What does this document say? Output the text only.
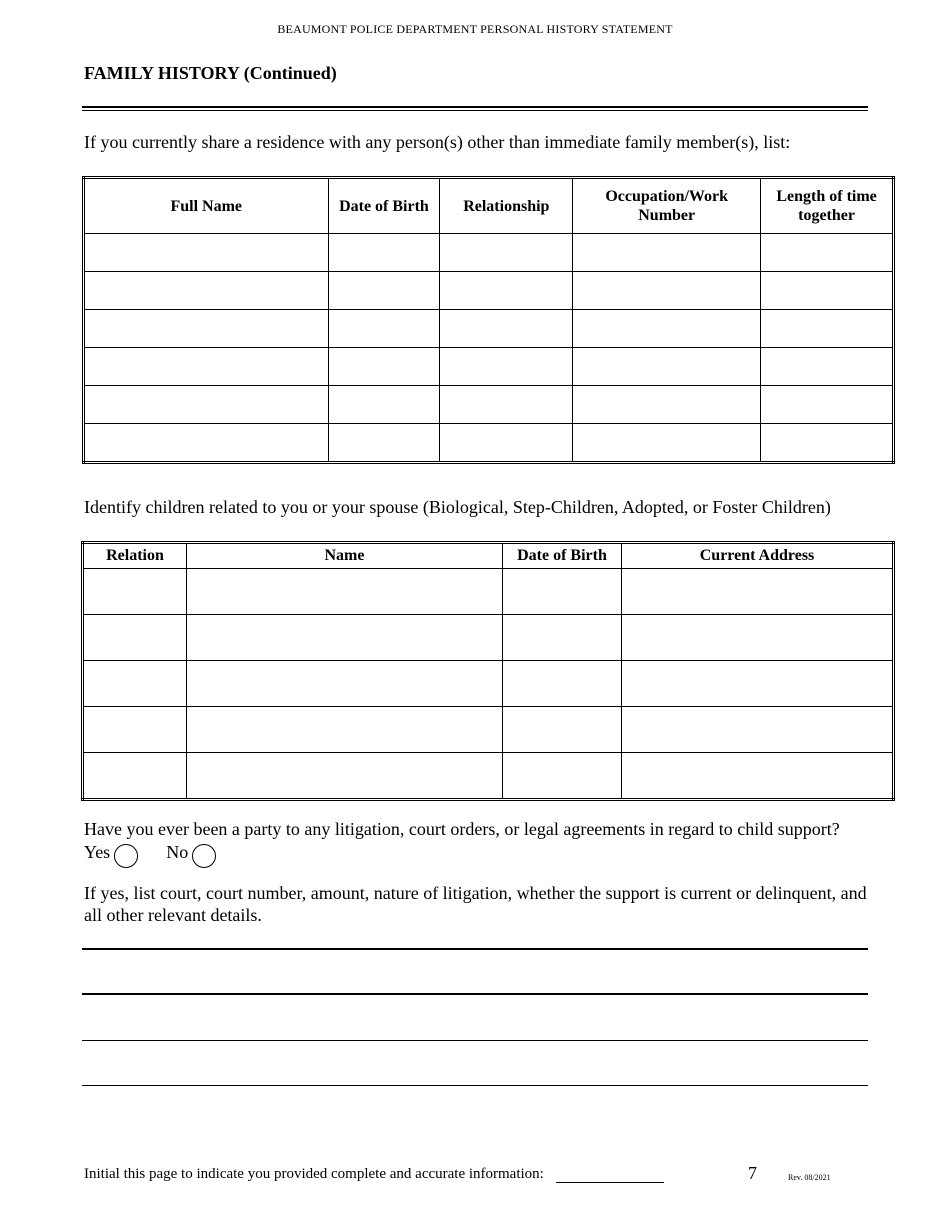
BEAUMONT POLICE DEPARTMENT PERSONAL HISTORY STATEMENT
FAMILY HISTORY (Continued)
If you currently share a residence with any person(s) other than immediate family member(s), list:
Full Name	Date of Birth	Relationship	Occupation/Work Number	Length of time together

Identify children related to you or your spouse (Biological, Step-Children, Adopted, or Foster Children)
Relation	Name	Date of Birth	Current Address

Have you ever been a party to any litigation, court orders, or legal agreements in regard to child support?
Yes	No
If yes, list court, court number, amount, nature of litigation, whether the support is current or delinquent, and all other relevant details.
Initial this page to indicate you provided complete and accurate information:	7	Rev. 08/2021
